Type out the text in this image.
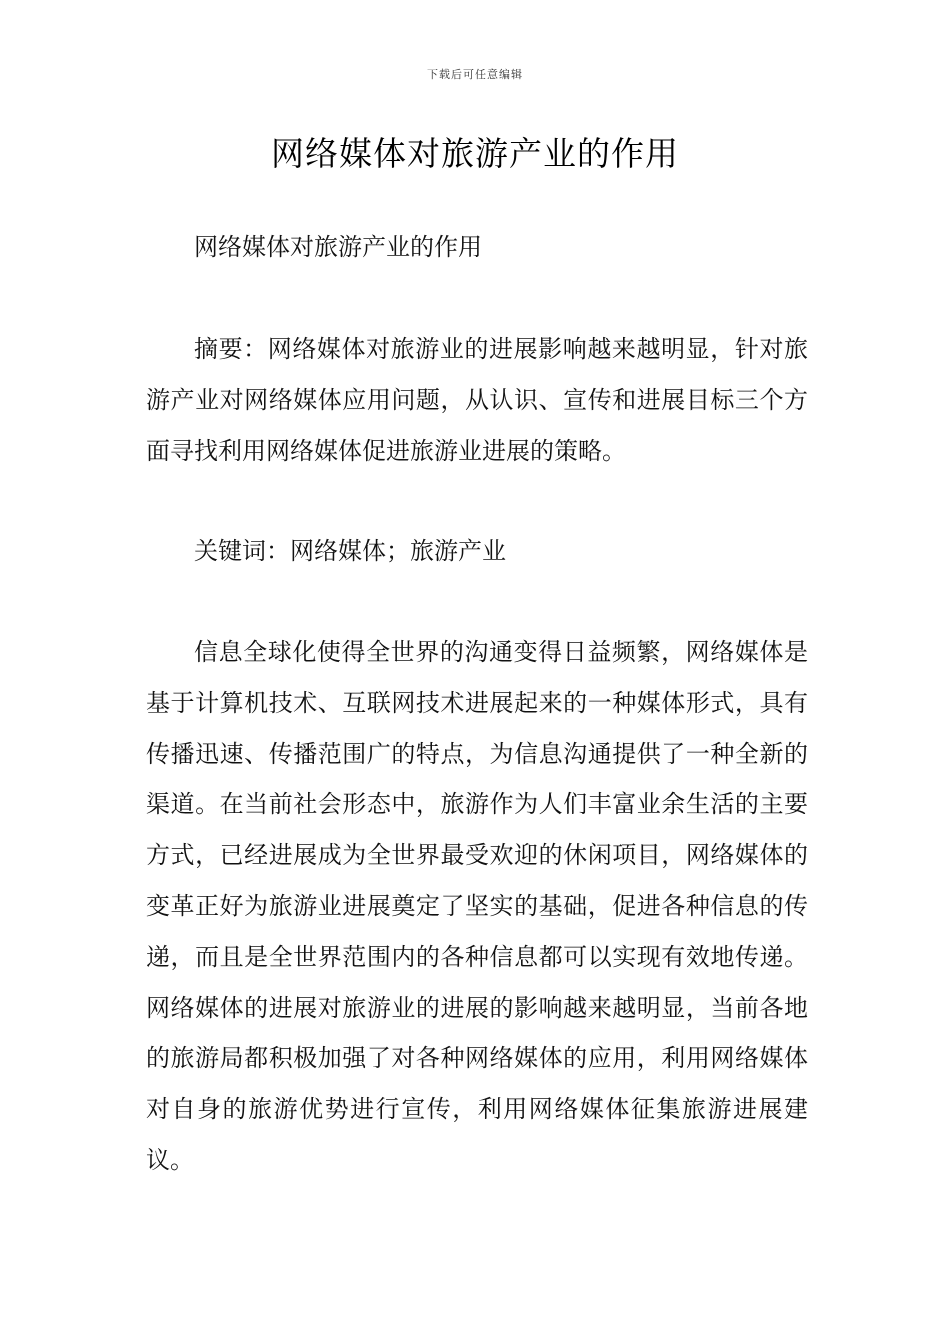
下载后可任意编辑
网络媒体对旅游产业的作用

网络媒体对旅游产业的作用

摘要：网络媒体对旅游业的进展影响越来越明显，针对旅游产业对网络媒体应用问题，从认识、宣传和进展目标三个方面寻找利用网络媒体促进旅游业进展的策略。

关键词：网络媒体；旅游产业

信息全球化使得全世界的沟通变得日益频繁，网络媒体是基于计算机技术、互联网技术进展起来的一种媒体形式，具有传播迅速、传播范围广的特点，为信息沟通提供了一种全新的渠道。在当前社会形态中，旅游作为人们丰富业余生活的主要方式，已经进展成为全世界最受欢迎的休闲项目，网络媒体的变革正好为旅游业进展奠定了坚实的基础，促进各种信息的传递，而且是全世界范围内的各种信息都可以实现有效地传递。网络媒体的进展对旅游业的进展的影响越来越明显，当前各地的旅游局都积极加强了对各种网络媒体的应用，利用网络媒体对自身的旅游优势进行宣传，利用网络媒体征集旅游进展建议。
